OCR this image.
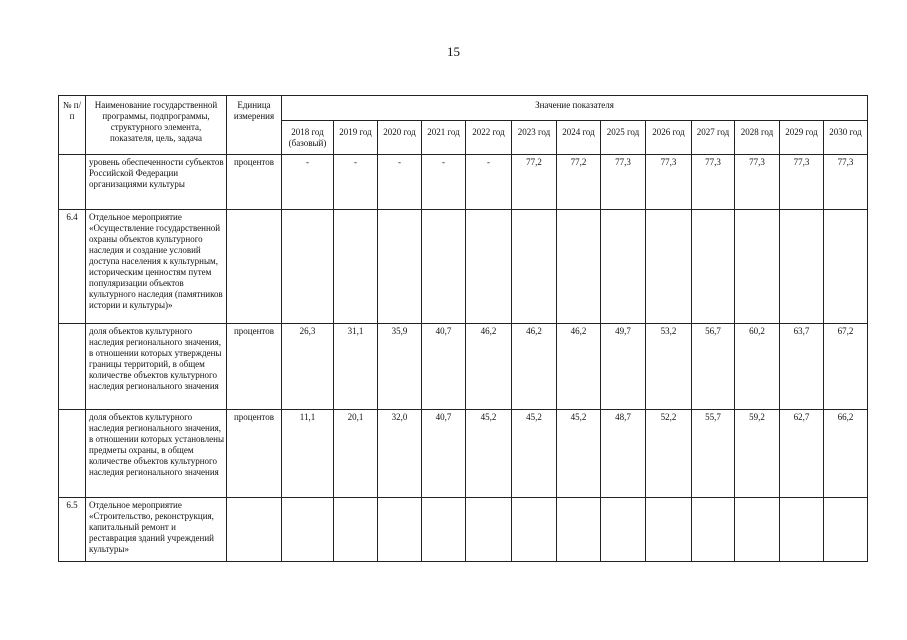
15
№ п/п	Наименование государственной программы, подпрограммы, структурного элемента, показателя, цель, задача	Единица измерения	Значение показателя												
			2018 год (базовый)	2019 год	2020 год	2021 год	2022 год	2023 год	2024 год	2025 год	2026 год	2027 год	2028 год	2029 год	2030 год
	уровень обеспеченности субъектов Российской Федерации организациями культуры	процентов	-	-	-	-	-	77,2	77,2	77,3	77,3	77,3	77,3	77,3	77,3
6.4	Отдельное мероприятие «Осуществление государственной охраны объектов культурного наследия и создание условий доступа населения к культурным, историческим ценностям путем популяризации объектов культурного наследия (памятников истории и культуры)»														
	доля объектов культурного наследия регионального значения, в отношении которых утверждены границы территорий, в общем количестве объектов культурного наследия регионального значения	процентов	26,3	31,1	35,9	40,7	46,2	46,2	46,2	49,7	53,2	56,7	60,2	63,7	67,2
	доля объектов культурного наследия регионального значения, в отношении которых установлены предметы охраны, в общем количестве объектов культурного наследия регионального значения	процентов	11,1	20,1	32,0	40,7	45,2	45,2	45,2	48,7	52,2	55,7	59,2	62,7	66,2
6.5	Отдельное мероприятие «Строительство, реконструкция, капитальный ремонт и реставрация зданий учреждений культуры»														
